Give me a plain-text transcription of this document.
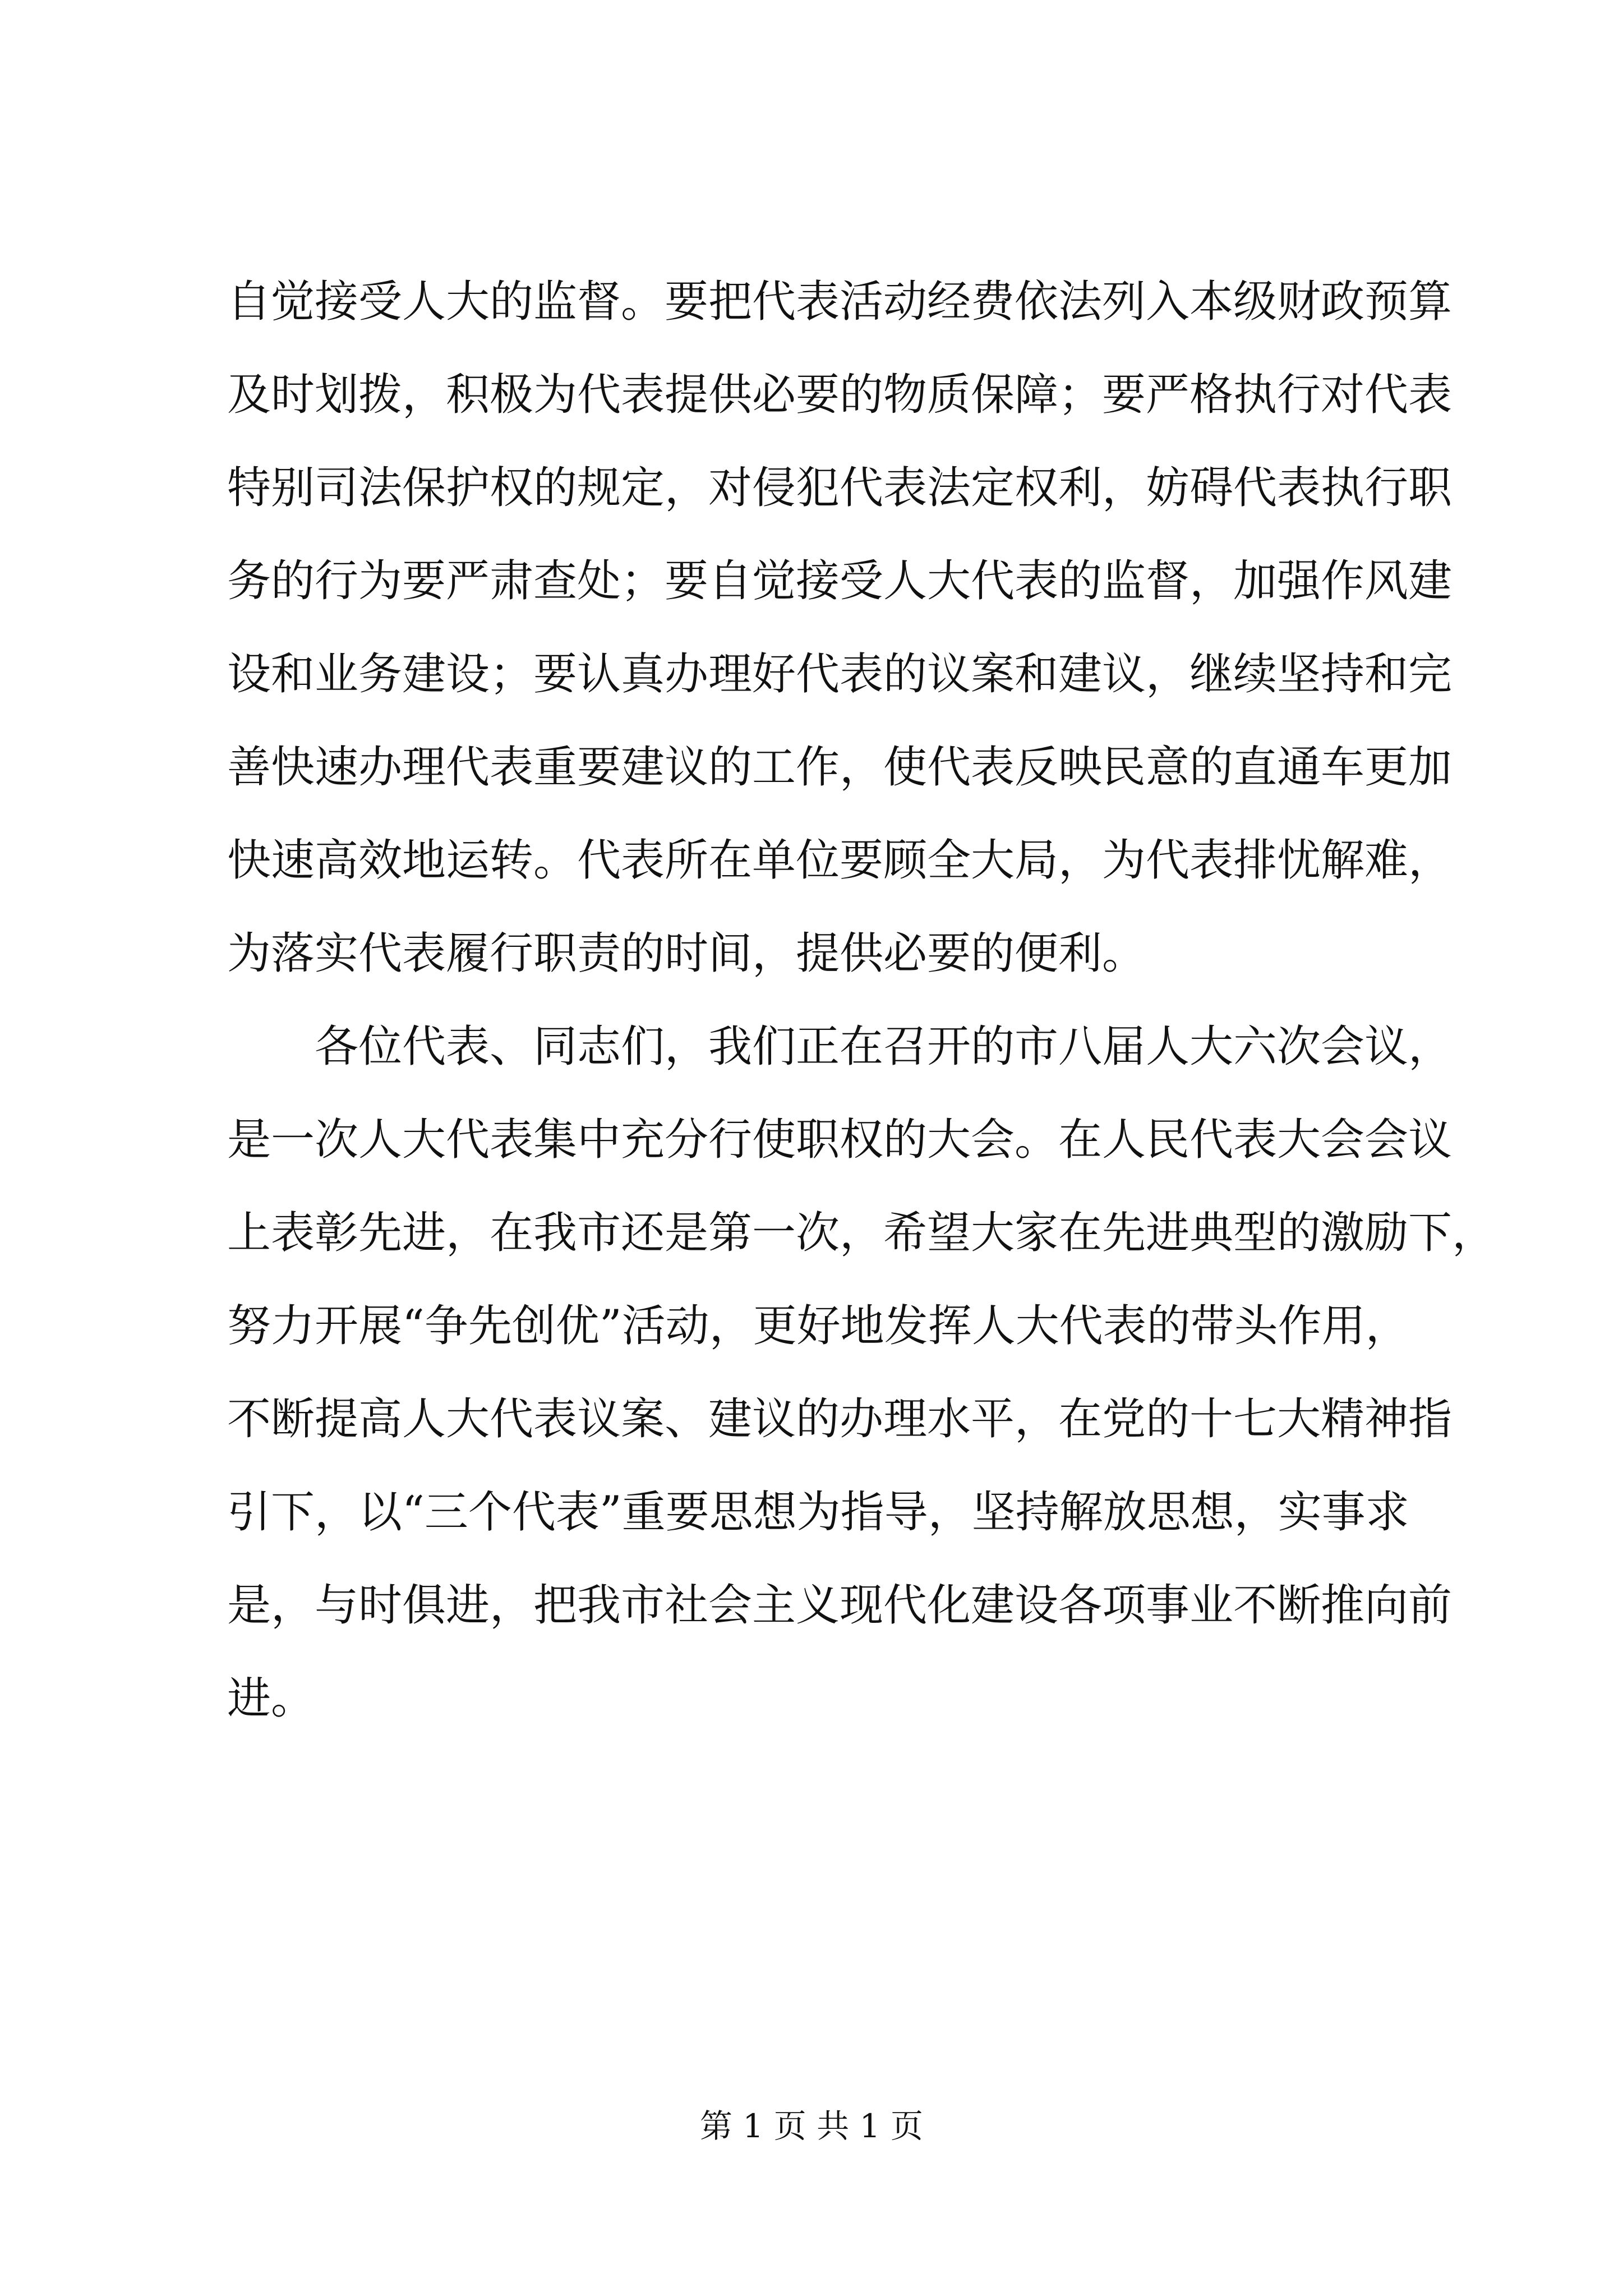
自觉接受人大的监督。要把代表活动经费依法列入本级财政预算
及时划拨，积极为代表提供必要的物质保障；要严格执行对代表
特别司法保护权的规定，对侵犯代表法定权利，妨碍代表执行职
务的行为要严肃查处；要自觉接受人大代表的监督，加强作风建
设和业务建设；要认真办理好代表的议案和建议，继续坚持和完
善快速办理代表重要建议的工作，使代表反映民意的直通车更加
快速高效地运转。代表所在单位要顾全大局，为代表排忧解难，
为落实代表履行职责的时间，提供必要的便利。
各位代表、同志们，我们正在召开的市八届人大六次会议，
是一次人大代表集中充分行使职权的大会。在人民代表大会会议
上表彰先进，在我市还是第一次，希望大家在先进典型的激励下，
努力开展“争先创优”活动，更好地发挥人大代表的带头作用，
不断提高人大代表议案、建议的办理水平，在党的十七大精神指
引下，以“三个代表”重要思想为指导，坚持解放思想，实事求
是，与时俱进，把我市社会主义现代化建设各项事业不断推向前
进。
第 1 页 共 1 页
